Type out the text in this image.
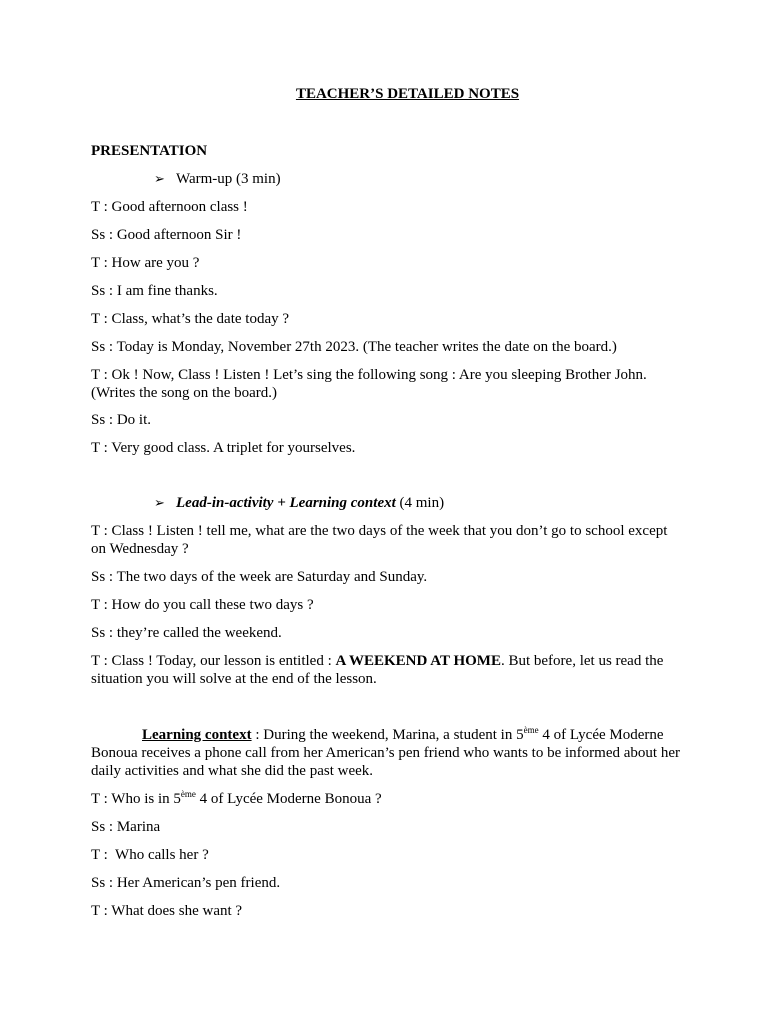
TEACHER’S DETAILED NOTES
PRESENTATION
➢ Warm-up (3 min)
T : Good afternoon class !
Ss : Good afternoon Sir !
T : How are you ?
Ss : I am fine thanks.
T : Class, what’s the date today ?
Ss : Today is Monday, November 27th 2023. (The teacher writes the date on the board.)
T : Ok ! Now, Class ! Listen ! Let’s sing the following song : Are you sleeping Brother John. (Writes the song on the board.)
Ss : Do it.
T : Very good class. A triplet for yourselves.
➢ Lead-in-activity + Learning context (4 min)
T : Class ! Listen ! tell me, what are the two days of the week that you don’t go to school except on Wednesday ?
Ss : The two days of the week are Saturday and Sunday.
T : How do you call these two days ?
Ss : they’re called the weekend.
T : Class ! Today, our lesson is entitled : A WEEKEND AT HOME. But before, let us read the situation you will solve at the end of the lesson.
Learning context : During the weekend, Marina, a student in 5ème 4 of Lycée Moderne Bonoua receives a phone call from her American’s pen friend who wants to be informed about her daily activities and what she did the past week.
T : Who is in 5ème 4 of Lycée Moderne Bonoua ?
Ss : Marina
T :  Who calls her ?
Ss : Her American’s pen friend.
T : What does she want ?
